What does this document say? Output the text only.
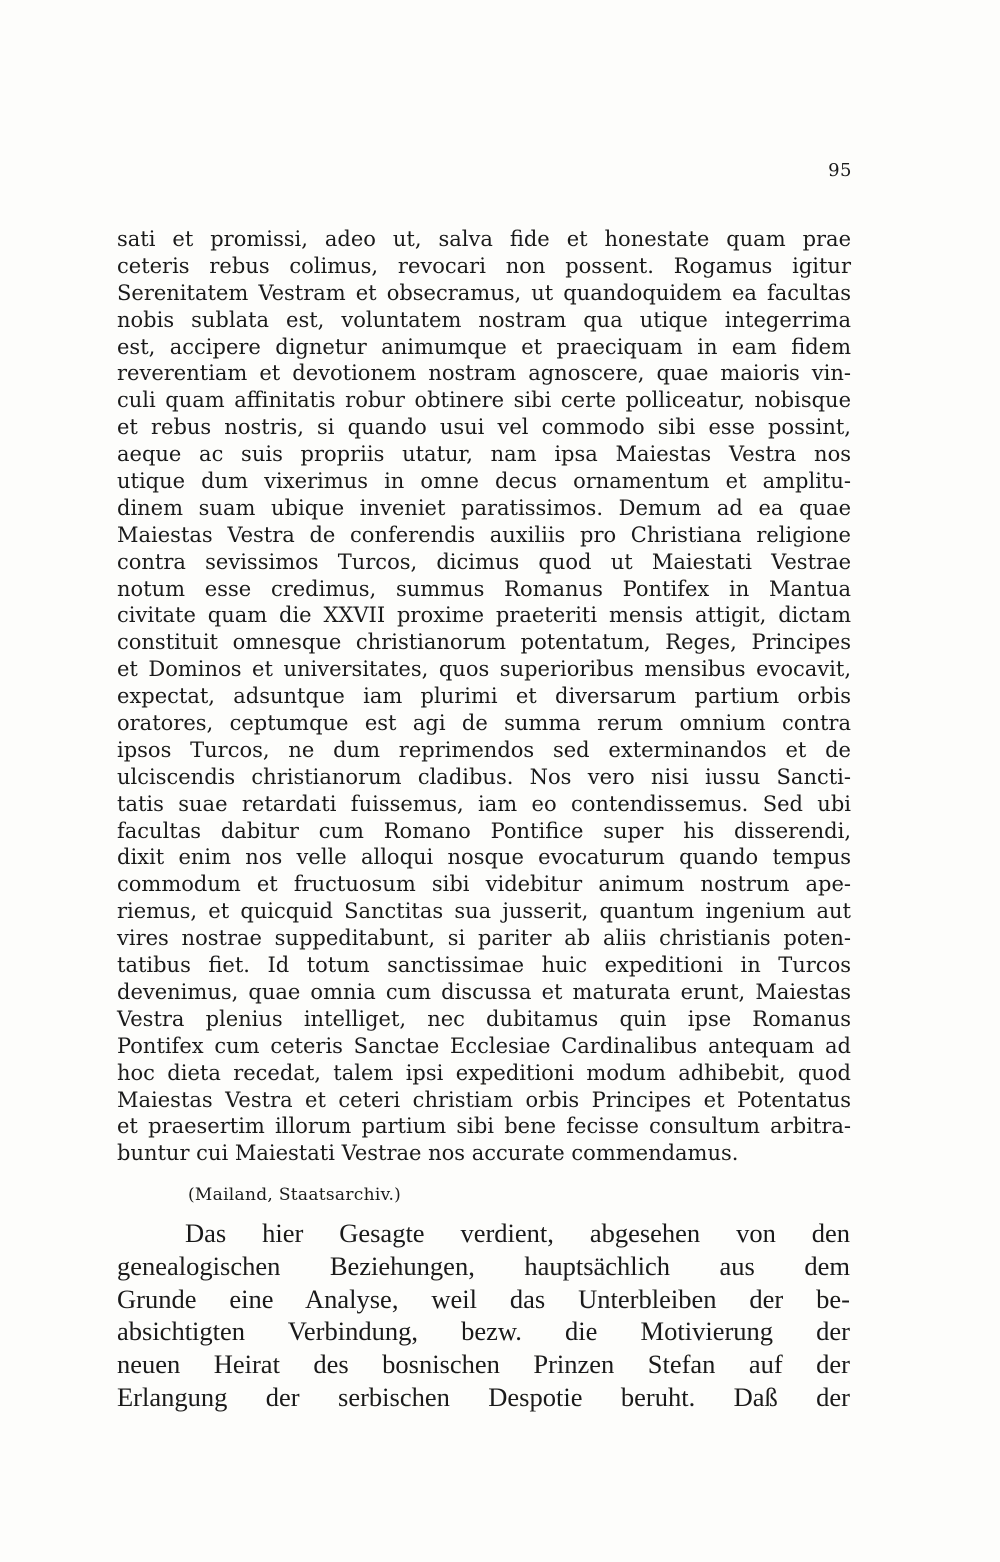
95
sati et promissi, adeo ut, salva fide et honestate quam prae
ceteris rebus colimus, revocari non possent. Rogamus igitur
Serenitatem Vestram et obsecramus, ut quandoquidem ea facultas
nobis sublata est, voluntatem nostram qua utique integerrima
est, accipere dignetur animumque et praeciquam in eam fidem
reverentiam et devotionem nostram agnoscere, quae maioris vin-
culi quam affinitatis robur obtinere sibi certe polliceatur, nobisque
et rebus nostris, si quando usui vel commodo sibi esse possint,
aeque ac suis propriis utatur, nam ipsa Maiestas Vestra nos
utique dum vixerimus in omne decus ornamentum et amplitu-
dinem suam ubique inveniet paratissimos. Demum ad ea quae
Maiestas Vestra de conferendis auxiliis pro Christiana religione
contra sevissimos Turcos, dicimus quod ut Maiestati Vestrae
notum esse credimus, summus Romanus Pontifex in Mantua
civitate quam die XXVII proxime praeteriti mensis attigit, dictam
constituit omnesque christianorum potentatum, Reges, Principes
et Dominos et universitates, quos superioribus mensibus evocavit,
expectat, adsuntque iam plurimi et diversarum partium orbis
oratores, ceptumque est agi de summa rerum omnium contra
ipsos Turcos, ne dum reprimendos sed exterminandos et de
ulciscendis christianorum cladibus. Nos vero nisi iussu Sancti-
tatis suae retardati fuissemus, iam eo contendissemus. Sed ubi
facultas dabitur cum Romano Pontifice super his disserendi,
dixit enim nos velle alloqui nosque evocaturum quando tempus
commodum et fructuosum sibi videbitur animum nostrum ape-
riemus, et quicquid Sanctitas sua jusserit, quantum ingenium aut
vires nostrae suppeditabunt, si pariter ab aliis christianis poten-
tatibus fiet. Id totum sanctissimae huic expeditioni in Turcos
devenimus, quae omnia cum discussa et maturata erunt, Maiestas
Vestra plenius intelliget, nec dubitamus quin ipse Romanus
Pontifex cum ceteris Sanctae Ecclesiae Cardinalibus antequam ad
hoc dieta recedat, talem ipsi expeditioni modum adhibebit, quod
Maiestas Vestra et ceteri christiam orbis Principes et Potentatus
et praesertim illorum partium sibi bene fecisse consultum arbitra-
buntur cui Maiestati Vestrae nos accurate commendamus.
(Mailand, Staatsarchiv.)
Das hier Gesagte verdient, abgesehen von den
genealogischen Beziehungen, hauptsächlich aus dem
Grunde eine Analyse, weil das Unterbleiben der be-
absichtigten Verbindung, bezw. die Motivierung der
neuen Heirat des bosnischen Prinzen Stefan auf der
Erlangung der serbischen Despotie beruht. Daß der
